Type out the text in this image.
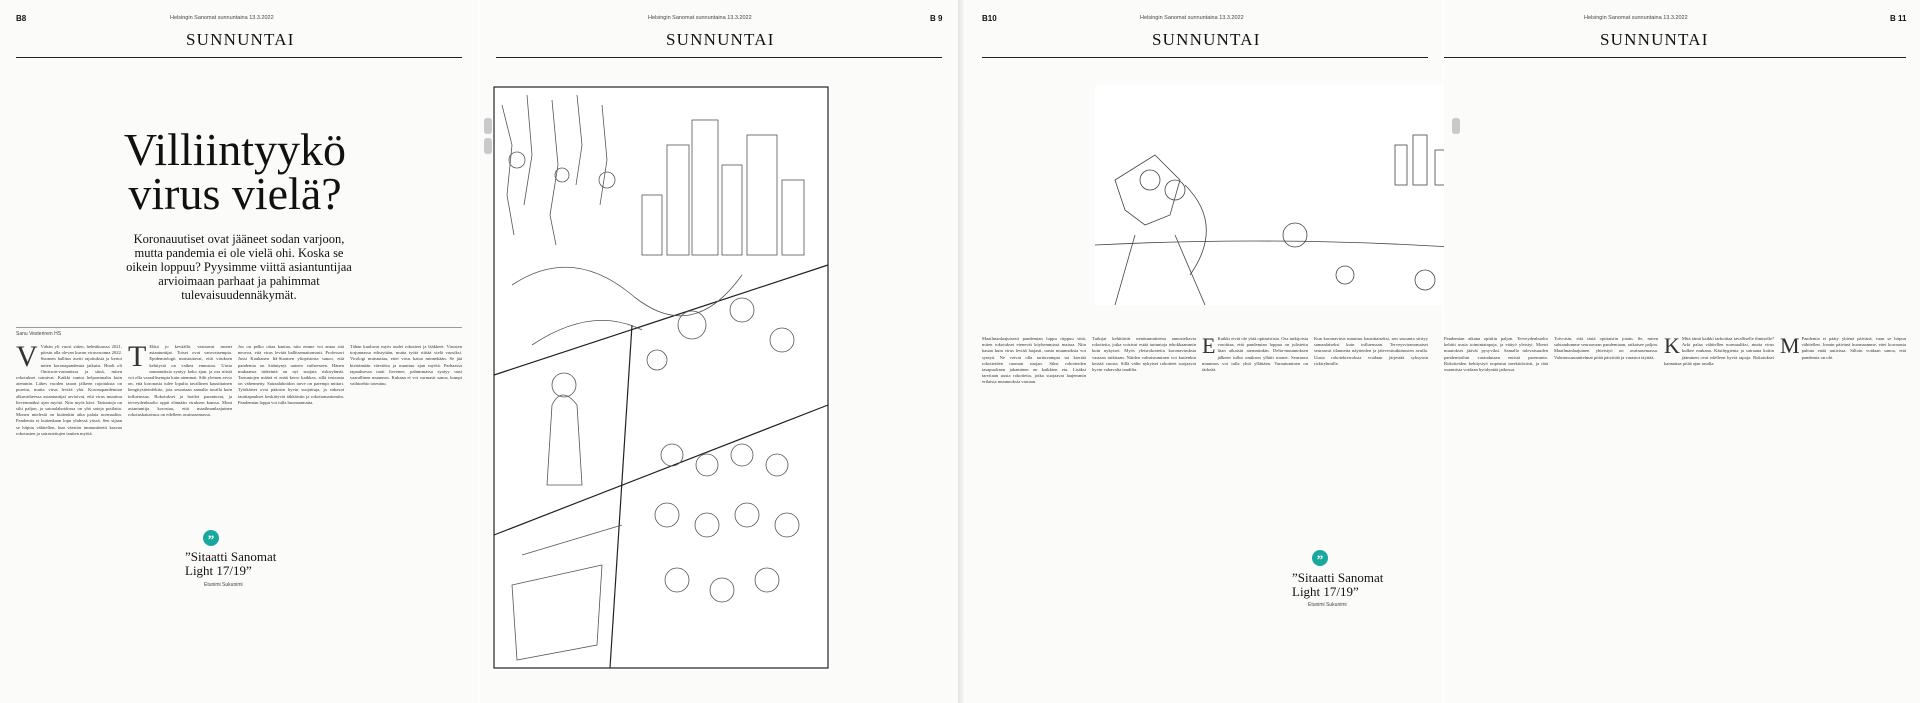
B8	Helsingin Sanomat sunnuntaina 13.3.2022
SUNNUNTAI
Villiintyykö
virus vielä?
Koronauutiset ovat jääneet sodan varjoon, mutta pandemia ei ole vielä ohi. Koska se oikein loppuu? Pyysimme viittä asiantuntijaa arvioimaan parhaat ja pahimmat tulevaisuudennäkymät.
Sanu Vesterinen HS
V Vähän yli vuosi sitten, helmikuussa 2021, piirsin alla olevan kuvan virusvuonna 2022. Suomen hallitus asetti rajoituksia ja kertoi miten koronapandemia jatkuisi. Huoli oli Omicron-variantissa ja siinä, miten rokotukset toimivat. Kaikki tuntui helpommalta kuin aiemmin. Lähes vuoden tauon jälkeen rajoituksia on purettu, mutta virus leviää yhä. Koronapandemian alkuvaiheessa asiantuntijat arvioivat, että virus muuttuu lievemmäksi ajan myötä. Niin myös kävi. Tartuntoja on silti paljon, ja sairaalahoidossa on yhä satoja potilaita. Monen mielestä on kuitenkin aika palata normaaliin. Pandemia ei kuitenkaan lopu yhdessä yössä. Sen sijaan se hiipuu vähitellen, kun väestön immuniteetti kasvaa rokotusten ja sairastettujen tautien myötä.
T Ehkä jo keväällä, vastaavat monet asiantuntijat. Toiset ovat varovaisempia. Epidemiologit muistuttavat, että viruksen kehitystä on vaikea ennustaa. Uusia muunnoksia syntyy koko ajan, ja osa niistä voi olla vaarallisempia kuin aiemmat. Silti yleinen arvio on, että koronasta tulee lopulta tavallinen kausittainen hengitystieinfektio, jota seurataan samalla tavalla kuin influenssaa. Rokotukset ja hoidot parantuvat, ja terveydenhuolto oppii elämään viruksen kanssa. Moni asiantuntija korostaa, että maailmanlaajuinen rokotuskattavuus on edelleen avainasemassa.
Jos on pelko ottaa kantaa, niin emme voi antaa sitä neuvoa, että virus leviää hallitsemattomasti. Professori Jussi Kauhanen Itä-Suomen yliopistosta sanoo, että pandemia on kääntynyt uuteen vaiheeseen. Hänen mukaansa tärkeintä on nyt suojata riskiryhmät. Tartuntojen määrä ei enää kerro kaikkea, sillä testausta on vähennetty. Sairaalahoidon tarve on parempi mittari. Työikäiset ovat pääosin hyvin suojattuja, ja vakavat tautitapaukset keskittyvät iäkkäisiin ja rokottamattomiin. Pandemian loppu voi tulla huomaamatta.
Tähän kuuluvat myös uudet rokotteet ja lääkkeet. Virusten torjunnassa edistytään, mutta työtä riittää vielä vuosiksi. Virologi muistuttaa, ettei virus katoa minnekään. Se jää kiertämään väestöön ja muuttuu ajan myötä. Parhaassa tapauksessa tauti lievenee, pahimmassa syntyy uusi vaarallinen muunnos. Kukaan ei voi varmasti sanoa, kumpi vaihtoehto toteutuu.
”
”Sitaatti Sanomat
Light 17/19”
Etunimi Sukunimi
B 9
Helsingin Sanomat sunnuntaina 13.3.2022
SUNNUNTAI
B10	Helsingin Sanomat sunnuntaina 13.3.2022
SUNNUNTAI
Maailmanlaajuisesti pandemian loppu riippuu siitä, miten rokotukset etenevät köyhemmissä maissa. Niin kauan kuin virus leviää laajasti, uusia muunnoksia voi syntyä. Ne voivat olla tarttuvampia tai kiertää rokotteiden tuoman suojan. Siksi rokotteiden tasapuolinen jakaminen on kaikkien etu. Lisäksi tarvitaan uusia rokotteita, jotka suojaavat laajemmin erilaisia muunnoksia vastaan.
Tutkijat kehittävät nenäsumutteena annosteltavia rokotteita, jotka voisivat estää tartuntoja tehokkaammin kuin nykyiset. Myös yleisrokotteita koronaviruksia vastaan tutkitaan. Näiden valmistuminen voi kuitenkin kestää vuosia. Sillä välin nykyiset rokotteet suojaavat hyvin vakavalta taudilta.
E Kaikki eivät ole yhtä optimistisia. Osa tutkijoista varoittaa, että pandemian loppua on julistettu liian aikaisin aiemminkin. Delta-muunnoksen jälkeen tullut omikron yllätti monet. Seuraava muunnos voi tulla yhtä yllättäen. Varautuminen on tärkeää.
Kun koronavirus muuttuu kausittaiseksi, sen seuranta siirtyy samanlaiseksi kuin influenssan. Terveysviranomaiset seuraavat tilannetta näytteiden ja jätevesitutkimusten avulla. Uusia rokotekierroksia voidaan järjestää syksyisin riskiryhmille.
”
”Sitaatti Sanomat
Light 17/19”
Etunimi Sukunimi
B 11
Helsingin Sanomat sunnuntaina 13.3.2022
SUNNUNTAI
Pandemian aikana opittiin paljon. Terveydenhuolto kehitti uusia toimintatapoja, ja etätyö yleistyi. Monet muutokset jäävät pysyviksi. Samalla tulevaisuuden pandemioihin varaudutaan entistä paremmin. Rokotteiden kehitystyö nopeutui merkittävästi, ja tätä osaamista voidaan hyödyntää jatkossa.
Toivoisin, että tästä opittaisiin jotain. Se, miten suhtaudumme seuraavaan pandemiaan, ratkaisee paljon. Maailmanlaajuinen yhteistyö on avainasemassa. Valmiussuunnitelmat pitää päivittää ja varastot täyttää. K Mitä tämä kaikki tarkoittaa tavalliselle ihmiselle? Arki palaa vähitellen normaaliksi, mutta virus kulkee mukana. Käsihygienia ja sairaana kotiin jääminen ovat edelleen hyviä tapoja. Rokotukset kannattaa pitää ajan tasalla.
M Pandemia ei pääty yhtenä päivänä, vaan se hiipuu vähitellen. Jonain päivänä huomaamme, ettei koronasta puhuta enää uutisissa. Silloin voidaan sanoa, että pandemia on ohi.
